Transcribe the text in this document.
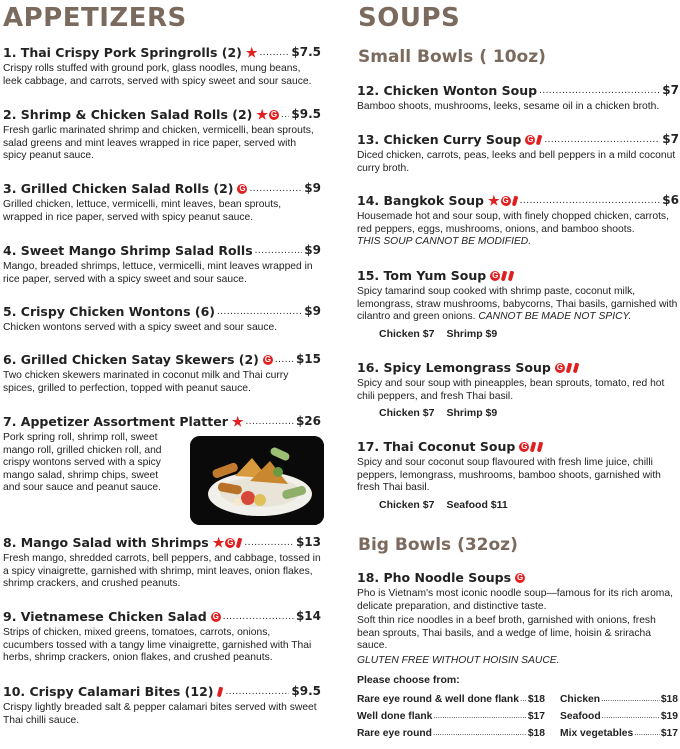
APPETIZERS
1. Thai Crispy Pork Springrolls (2) ★ .....	$7.5
Crispy rolls stuffed with ground pork, glass noodles, mung beans, leek cabbage, and carrots, served with spicy sweet and sour sauce.
2. Shrimp & Chicken Salad Rolls (2) ★ G ..... $9.5
Fresh garlic marinated shrimp and chicken, vermicelli, bean sprouts, salad greens and mint leaves wrapped in rice paper, served with spicy peanut sauce.
3. Grilled Chicken Salad Rolls (2) G .....	$9
Grilled chicken, lettuce, vermicelli, mint leaves, bean sprouts, wrapped in rice paper, served with spicy peanut sauce.
4. Sweet Mango Shrimp Salad Rolls .....	$9
Mango, breaded shrimps, lettuce, vermicelli, mint leaves wrapped in rice paper, served with a spicy sweet and sour sauce.
5. Crispy Chicken Wontons (6) .....	$9
Chicken wontons served with a spicy sweet and sour sauce.
6. Grilled Chicken Satay Skewers (2) G ..... $15
Two chicken skewers marinated in coconut milk and Thai curry spices, grilled to perfection, topped with peanut sauce.
7. Appetizer Assortment Platter ★ .....	$26
Pork spring roll, shrimp roll, sweet mango roll, grilled chicken roll, and crispy wontons served with a spicy mango salad, shrimp chips, sweet and sour sauce and peanut sauce.
8. Mango Salad with Shrimps ★ G .....	$13
Fresh mango, shredded carrots, bell peppers, and cabbage, tossed in a spicy vinaigrette, garnished with shrimp, mint leaves, onion flakes, shrimp crackers, and crushed peanuts.
9. Vietnamese Chicken Salad G .....	$14
Strips of chicken, mixed greens, tomatoes, carrots, onions, cucumbers tossed with a tangy lime vinaigrette, garnished with Thai herbs, shrimp crackers, onion flakes, and crushed peanuts.
10. Crispy Calamari Bites (12) .....	$9.5
Crispy lightly breaded salt & pepper calamari bites served with sweet Thai chilli sauce.
SOUPS
Small Bowls ( 10oz)
12. Chicken Wonton Soup .....	$7
Bamboo shoots, mushrooms, leeks, sesame oil in a chicken broth.
13. Chicken Curry Soup G .....	$7
Diced chicken, carrots, peas, leeks and bell peppers in a mild coconut curry broth.
14. Bangkok Soup ★ G .....	$6
Housemade hot and sour soup, with finely chopped chicken, carrots, red peppers, eggs, mushrooms, onions, and bamboo shoots.
THIS SOUP CANNOT BE MODIFIED.
15. Tom Yum Soup G
Spicy tamarind soup cooked with shrimp paste, coconut milk, lemongrass, straw mushrooms, babycorns, Thai basils, garnished with cilantro and green onions. CANNOT BE MADE NOT SPICY.
Chicken $7 Shrimp $9
16. Spicy Lemongrass Soup G
Spicy and sour soup with pineapples, bean sprouts, tomato, red hot chili peppers, and fresh Thai basil.
Chicken $7 Shrimp $9
17. Thai Coconut Soup G
Spicy and sour coconut soup flavoured with fresh lime juice, chilli peppers, lemongrass, mushrooms, bamboo shoots, garnished with fresh Thai basil.
Chicken $7 Seafood $11
Big Bowls (32oz)
18. Pho Noodle Soups G
Pho is Vietnam's most iconic noodle soup—famous for its rich aroma, delicate preparation, and distinctive taste.
Soft thin rice noodles in a beef broth, garnished with onions, fresh bean sprouts, Thai basils, and a wedge of lime, hoisin & sriracha sauce.
GLUTEN FREE WITHOUT HOISIN SAUCE.
Please choose from:
Rare eye round & well done flank ..... $18 Chicken .....	$18
Well done flank .....	$17 Seafood .....	$19
Rare eye round .....	$18 Mix vegetables .....	$17
